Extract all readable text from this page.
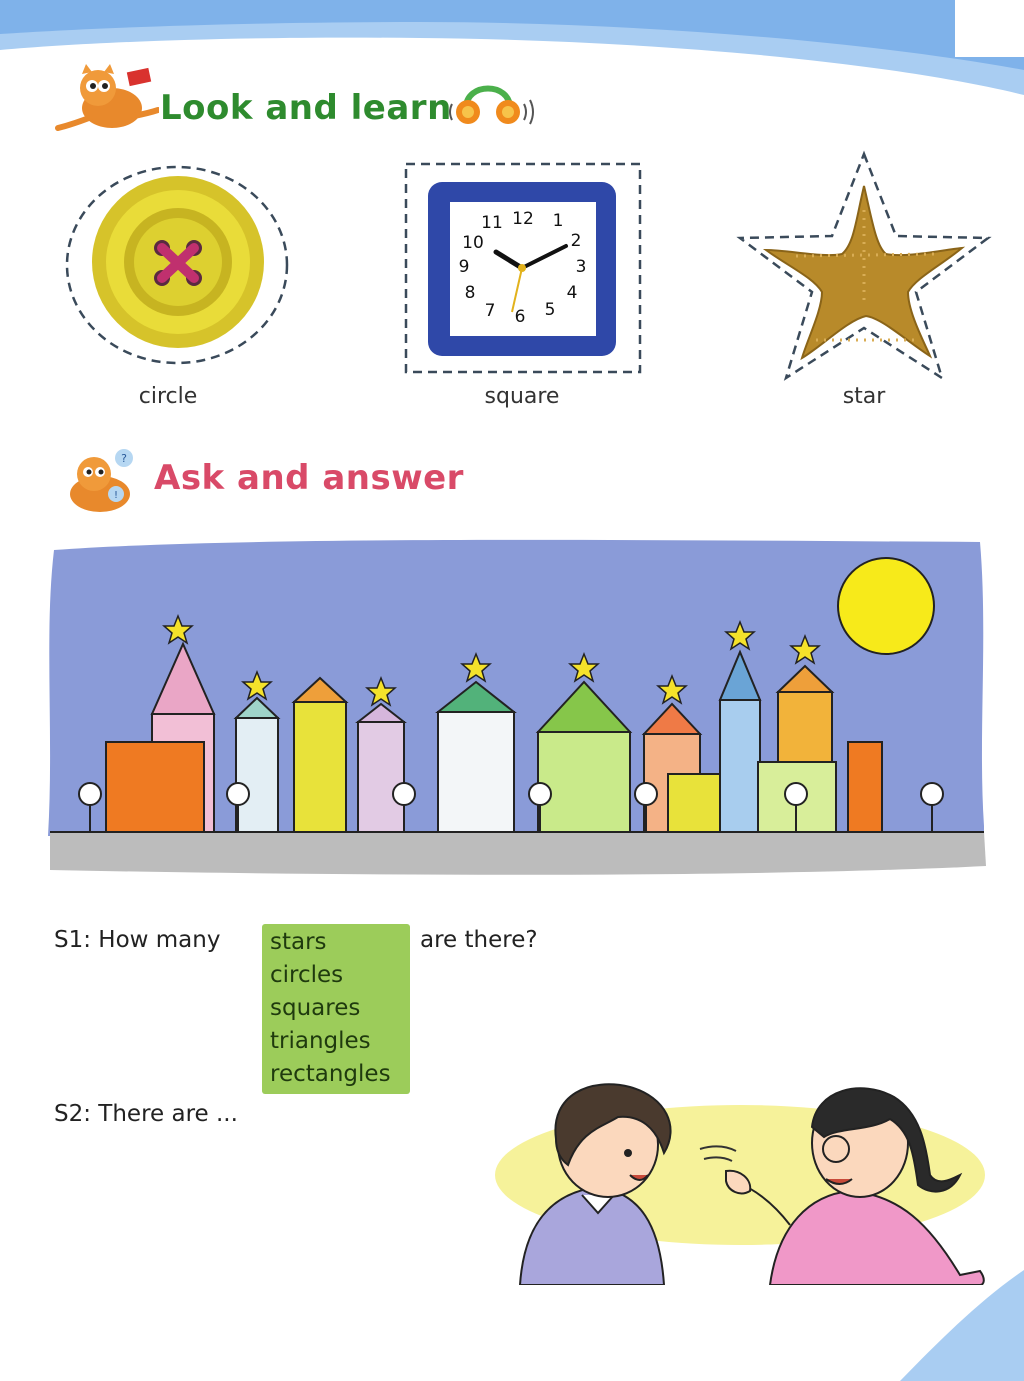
Look and learn
circle
12 1
2
3
4
5
6
7
8
9
10
11
square	star
?
! Ask and answer
S1: How many stars
circles
squares
triangles
rectangles
are there?
S2: There are ...
